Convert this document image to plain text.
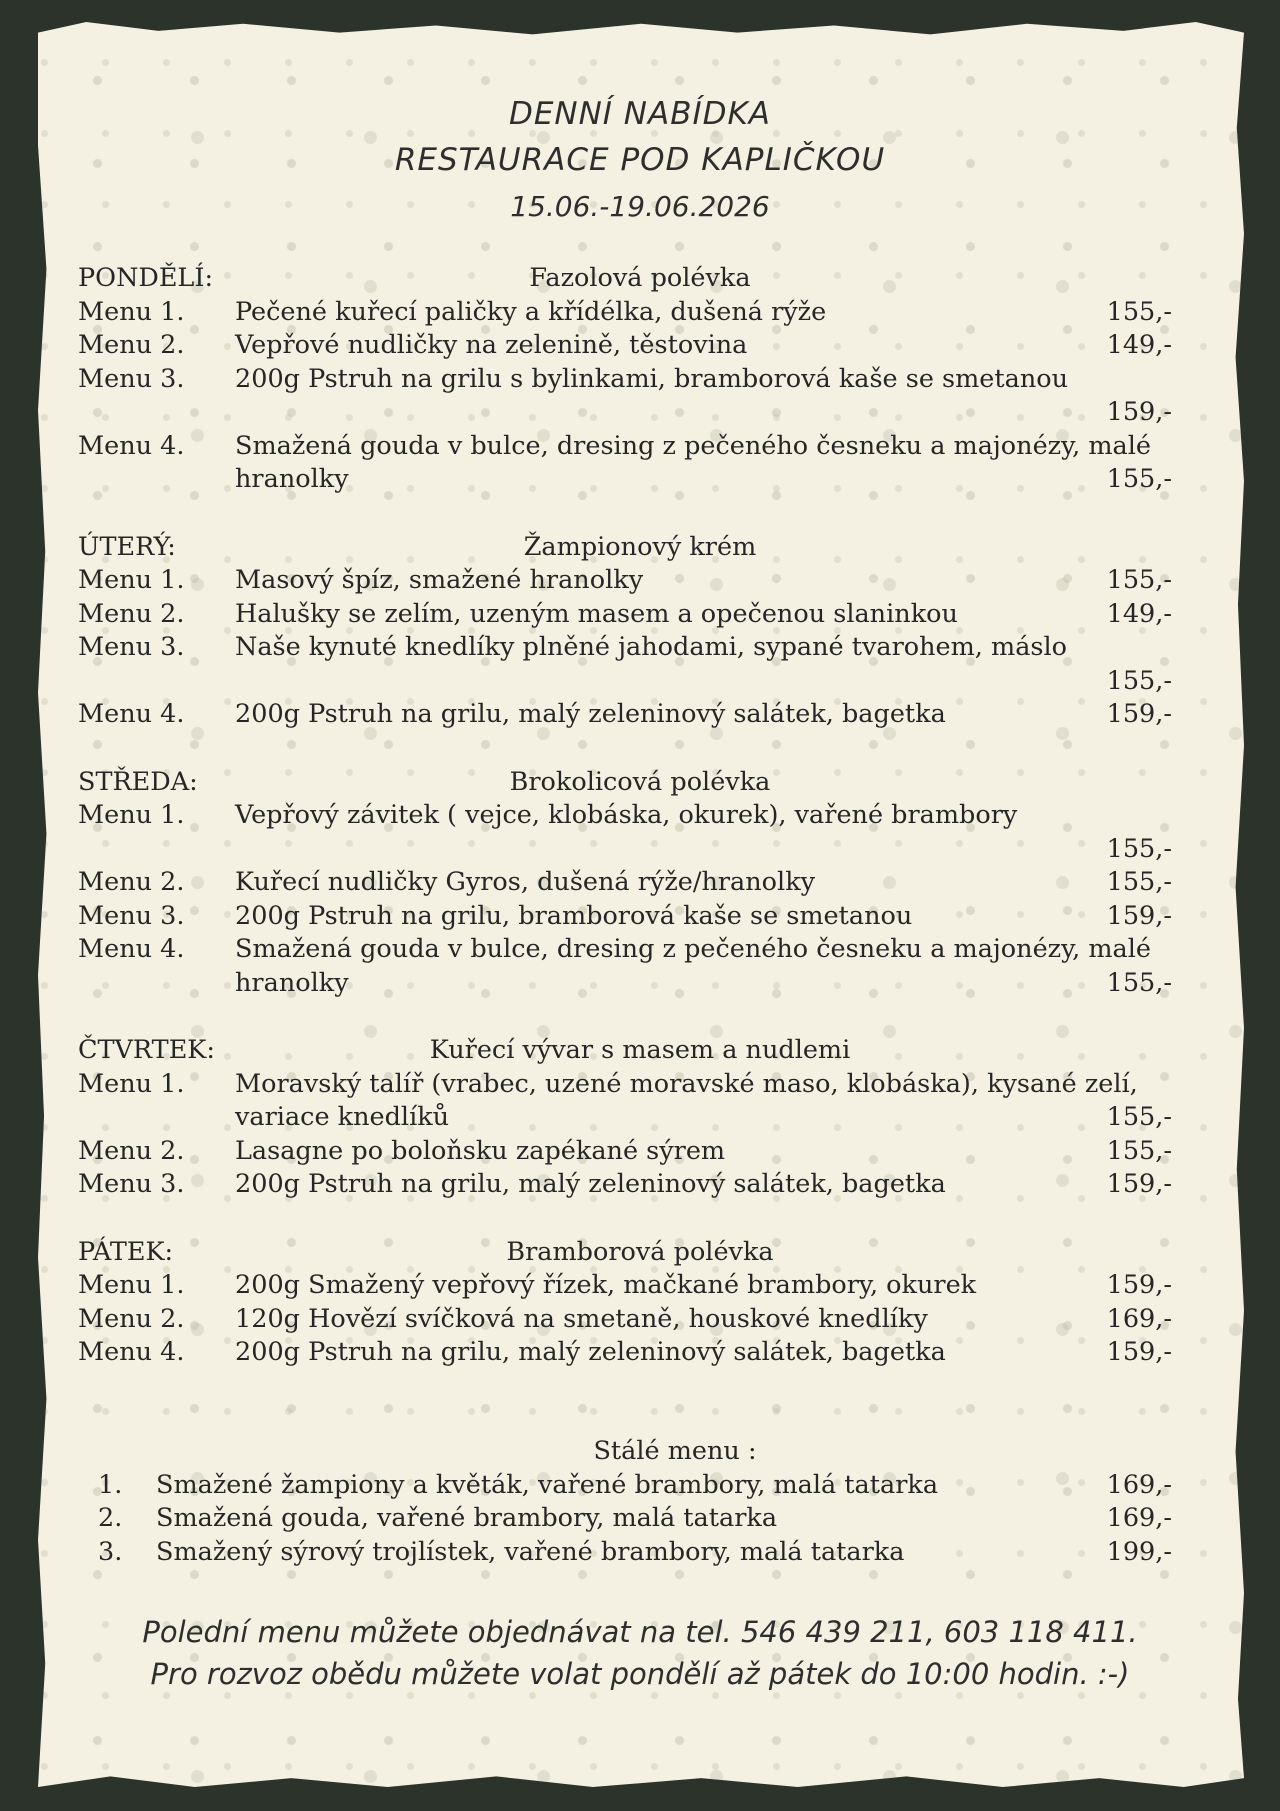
DENNÍ NABÍDKA
RESTAURACE POD KAPLIČKOU
15.06.-19.06.2026
PONDĚLÍ:	Fazolová polévka
Menu 1.	Pečené kuřecí paličky a křídélka, dušená rýže	155,-
Menu 2.	Vepřové nudličky na zelenině, těstovina	149,-
Menu 3.	200g Pstruh na grilu s bylinkami, bramborová kaše se smetanou
159,-
Menu 4.	Smažená gouda v bulce, dresing z pečeného česneku a majonézy, malé hranolky	155,-
ÚTERÝ:	Žampionový krém
Menu 1.	Masový špíz, smažené hranolky	155,-
Menu 2.	Halušky se zelím, uzeným masem a opečenou slaninkou	149,-
Menu 3.	Naše kynuté knedlíky plněné jahodami, sypané tvarohem, máslo
155,-
Menu 4.	200g Pstruh na grilu, malý zeleninový salátek, bagetka	159,-
STŘEDA:	Brokolicová polévka
Menu 1.	Vepřový závitek ( vejce, klobáska, okurek), vařené brambory
155,-
Menu 2.	Kuřecí nudličky Gyros, dušená rýže/hranolky	155,-
Menu 3.	200g Pstruh na grilu, bramborová kaše se smetanou	159,-
Menu 4.	Smažená gouda v bulce, dresing z pečeného česneku a majonézy, malé hranolky	155,-
ČTVRTEK:	Kuřecí vývar s masem a nudlemi
Menu 1.	Moravský talíř (vrabec, uzené moravské maso, klobáska), kysané zelí, variace knedlíků	155,-
Menu 2.	Lasagne po boloňsku zapékané sýrem	155,-
Menu 3.	200g Pstruh na grilu, malý zeleninový salátek, bagetka	159,-
PÁTEK:	Bramborová polévka
Menu 1.	200g Smažený vepřový řízek, mačkané brambory, okurek	159,-
Menu 2.	120g Hovězí svíčková na smetaně, houskové knedlíky	169,-
Menu 4.	200g Pstruh na grilu, malý zeleninový salátek, bagetka	159,-
Stálé menu :
1.	Smažené žampiony a květák, vařené brambory, malá tatarka	169,-
2.	Smažená gouda, vařené brambory, malá tatarka	169,-
3.	Smažený sýrový trojlístek, vařené brambory, malá tatarka	199,-
Polední menu můžete objednávat na tel. 546 439 211, 603 118 411.
Pro rozvoz obědu můžete volat pondělí až pátek do 10:00 hodin. :-)
